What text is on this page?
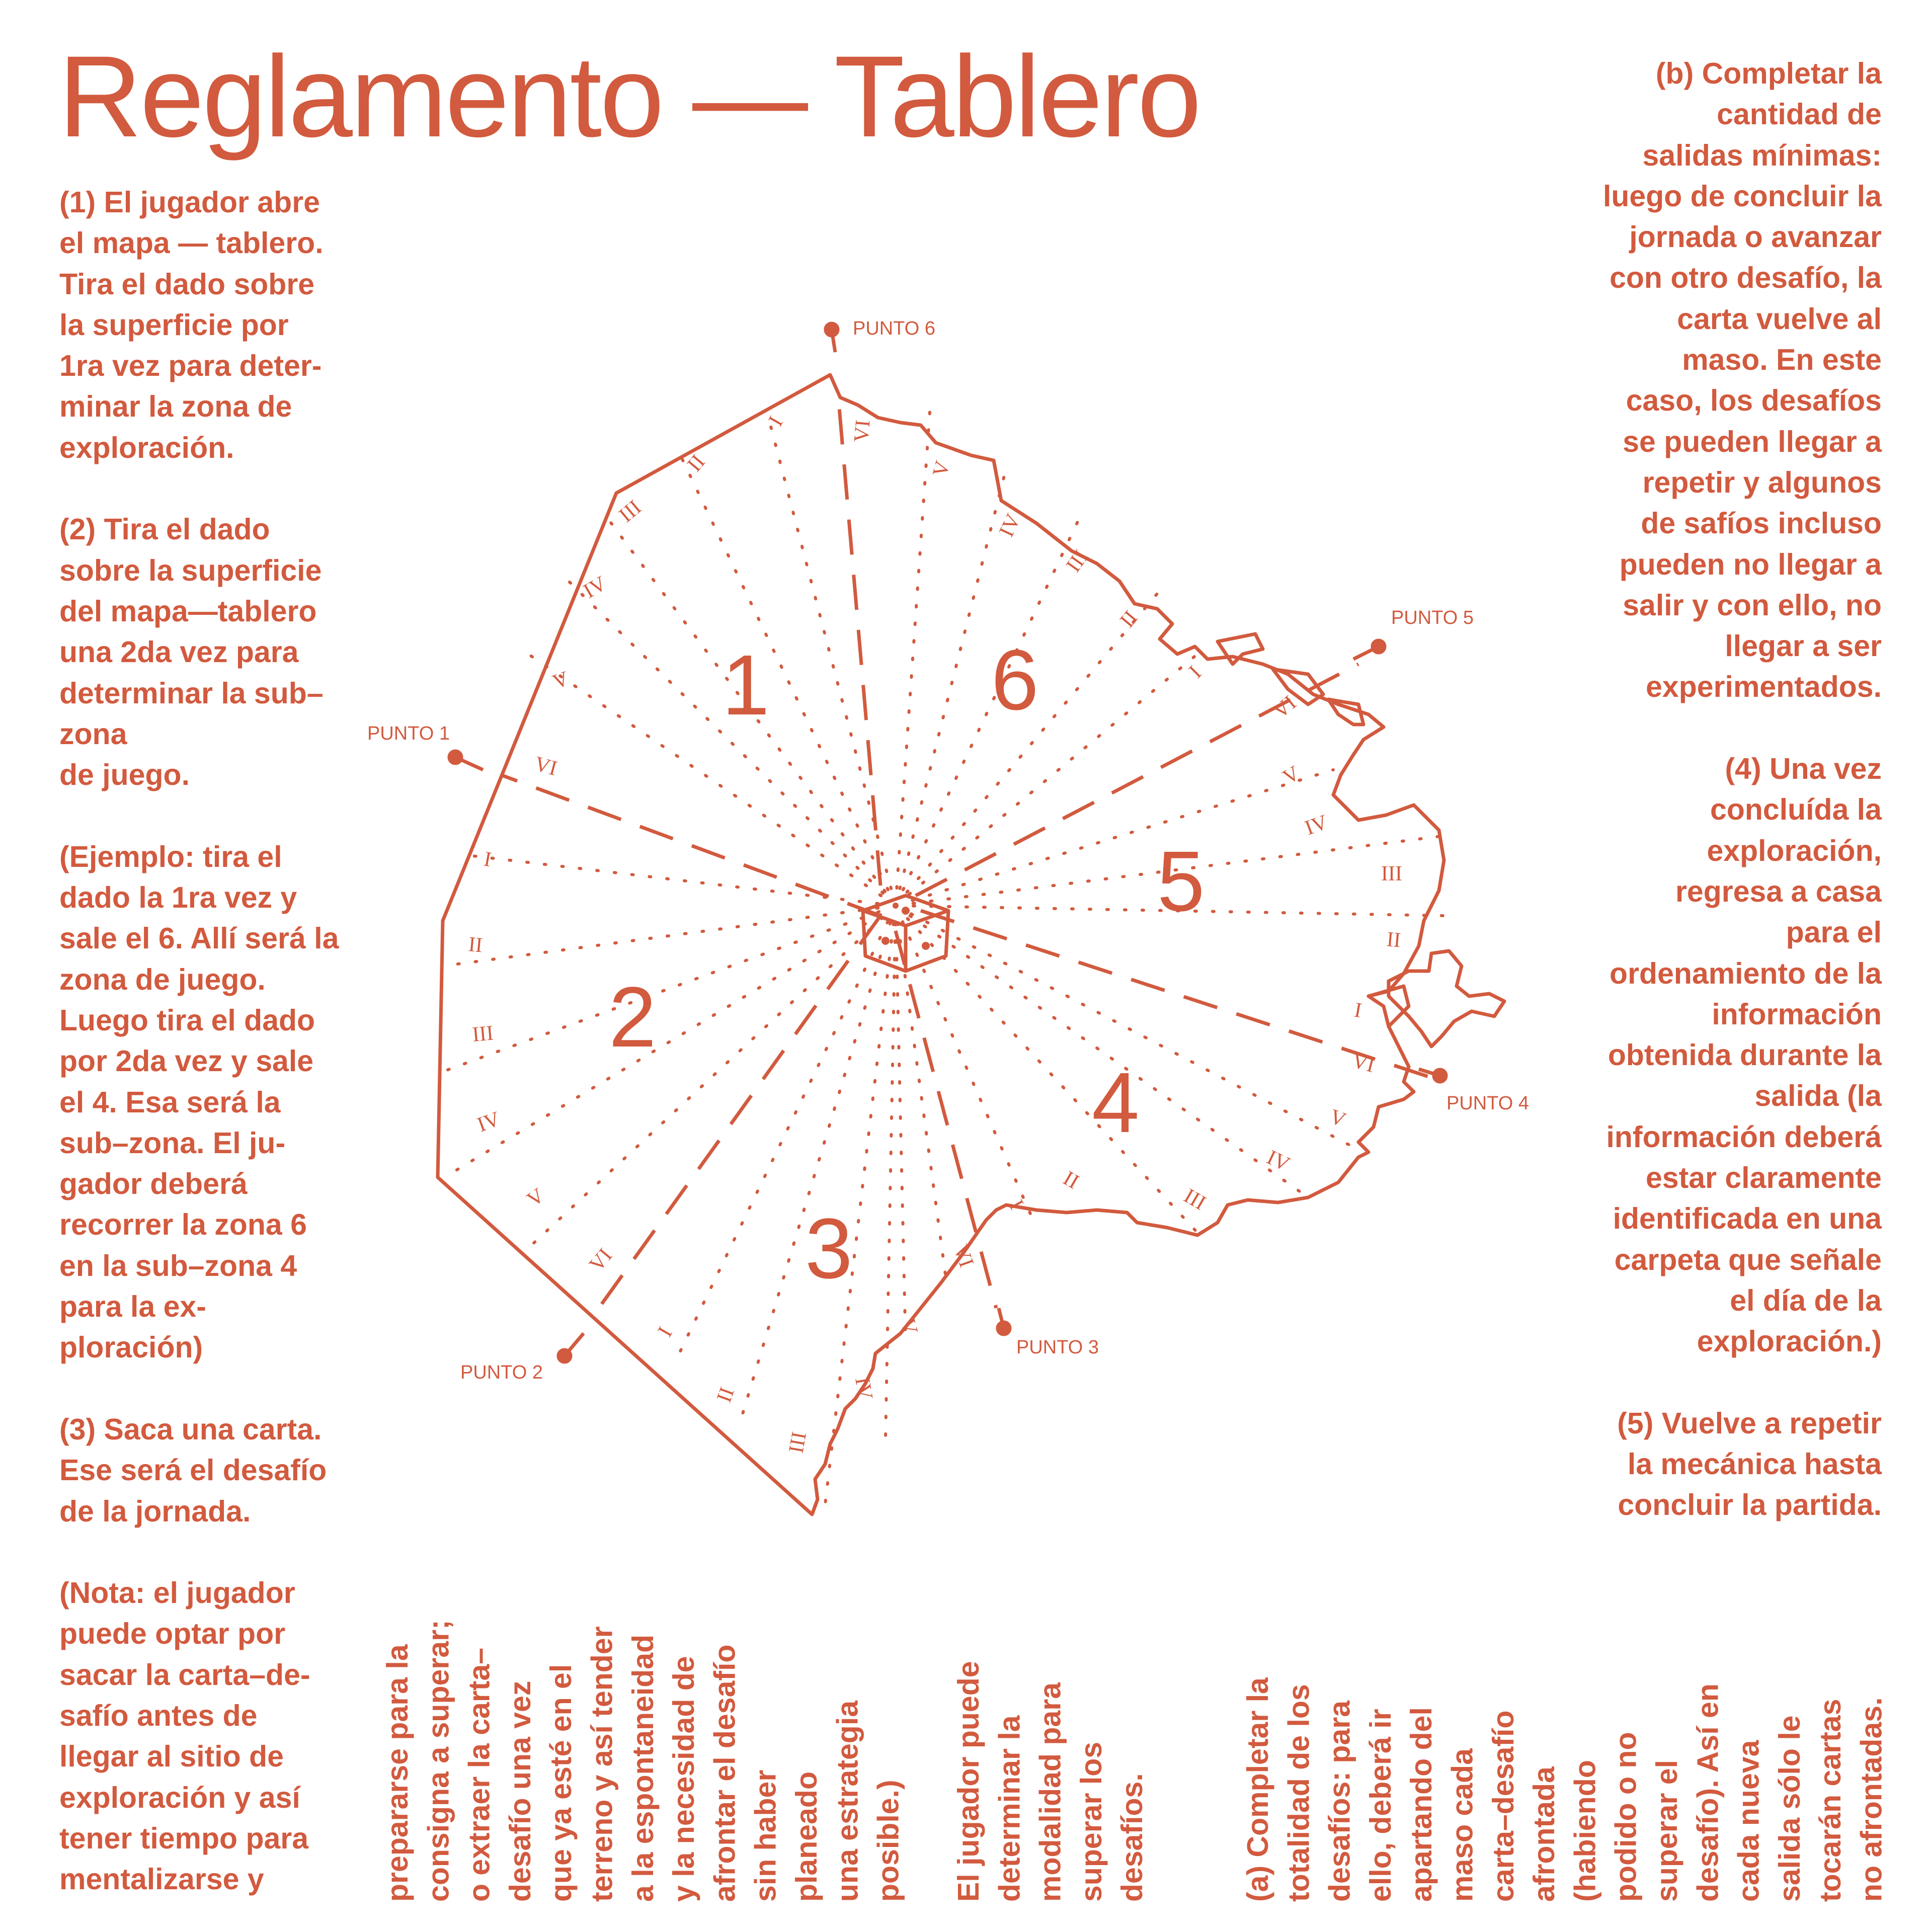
Reglamento — Tablero

(1) El jugador abre
el mapa — tablero.
Tira el dado sobre
la superficie por
1ra vez para deter-
minar la zona de
exploración.

(2) Tira el dado
sobre la superficie
del mapa—tablero
una 2da vez para
determinar la sub–
zona
de juego.

(Ejemplo: tira el
dado la 1ra vez y
sale el 6. Allí será la
zona de juego.
Luego tira el dado
por 2da vez y sale
el 4. Esa será la
sub–zona. El ju-
gador deberá
recorrer la zona 6
en la sub–zona 4
para la ex-
ploración)

(3) Saca una carta.
Ese será el desafío
de la jornada.

(Nota: el jugador
puede optar por
sacar la carta–de-
safío antes de
llegar al sitio de
exploración y así
tener tiempo para
mentalizarse y

(b) Completar la
cantidad de
salidas mínimas:
luego de concluir la
jornada o avanzar
con otro desafío, la
carta vuelve al
maso. En este
caso, los desafíos
se pueden llegar a
repetir y algunos
de safíos incluso
pueden no llegar a
salir y con ello, no
llegar a ser
experimentados.

(4) Una vez
concluída la
exploración,
regresa a casa
para el
ordenamiento de la
información
obtenida durante la
salida (la
información deberá
estar claramente
identificada en una
carpeta que señale
el día de la
exploración.)

(5) Vuelve a repetir
la mecánica hasta
concluir la partida.

prepararse para la
consigna a superar;
o extraer la carta–
desafío una vez
que ya esté en el
terreno y así tender
a la espontaneidad
y la necesidad de
afrontar el desafío
sin haber
planeado
una estrategia
posible.) El jugador puede
determinar la
modalidad para
superar los
desafíos.	(a) Completar la
totalidad de los
desafíos: para
ello, deberá ir
apartando del
maso cada
carta–desafío
afrontada
(habiendo
podido o no
superar el
desafío). Así en
cada nueva
salida sólo le
tocarán cartas
no afrontadas.

PUNTO 1
PUNTO 2
PUNTO 3
PUNTO 4
PUNTO 5
PUNTO 6
1
2
3
4
5
6
I
II
III
IV
V
VI
I
II
III
IV
V
VI
I
II
III
IV
V
VI
I
II
III
IV
V
VI
I
II
III
IV
V
VI
I
II
III
IV
V
VI
